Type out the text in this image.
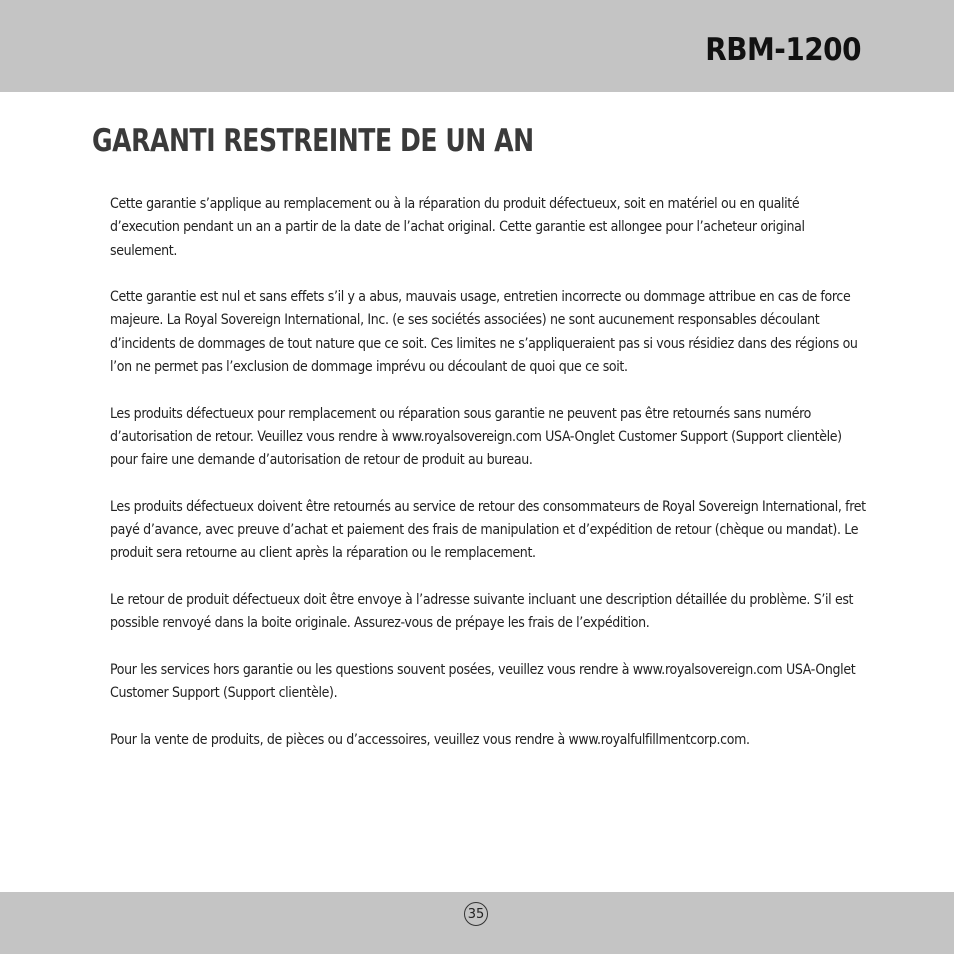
RBM-1200
GARANTI RESTREINTE DE UN AN

Cette garantie s’applique au remplacement ou à la réparation du produit défectueux, soit en matériel ou en qualité d’execution pendant un an a partir de la date de l’achat original. Cette garantie est allongee pour l’acheteur original seulement.

Cette garantie est nul et sans effets s’il y a abus, mauvais usage, entretien incorrecte ou dommage attribue en cas de force majeure. La Royal Sovereign International, Inc. (e ses sociétés associées) ne sont aucunement responsables découlant d’incidents de dommages de tout nature que ce soit. Ces limites ne s’appliqueraient pas si vous résidiez dans des régions ou l’on ne permet pas l’exclusion de dommage imprévu ou découlant de quoi que ce soit.

Les produits défectueux pour remplacement ou réparation sous garantie ne peuvent pas être retournés sans numéro d’autorisation de retour. Veuillez vous rendre à www.royalsovereign.com USA-Onglet Customer Support (Support clientèle) pour faire une demande d’autorisation de retour de produit au bureau.

Les produits défectueux doivent être retournés au service de retour des consommateurs de Royal Sovereign International, fret payé d’avance, avec preuve d’achat et paiement des frais de manipulation et d’expédition de retour (chèque ou mandat). Le produit sera retourne au client après la réparation ou le remplacement.

Le retour de produit défectueux doit être envoye à l’adresse suivante incluant une description détaillée du problème. S’il est possible renvoyé dans la boite originale. Assurez-vous de prépaye les frais de l’expédition.

Pour les services hors garantie ou les questions souvent posées, veuillez vous rendre à www.royalsovereign.com USA-Onglet Customer Support (Support clientèle).

Pour la vente de produits, de pièces ou d’accessoires, veuillez vous rendre à www.royalfulfillmentcorp.com.

35
